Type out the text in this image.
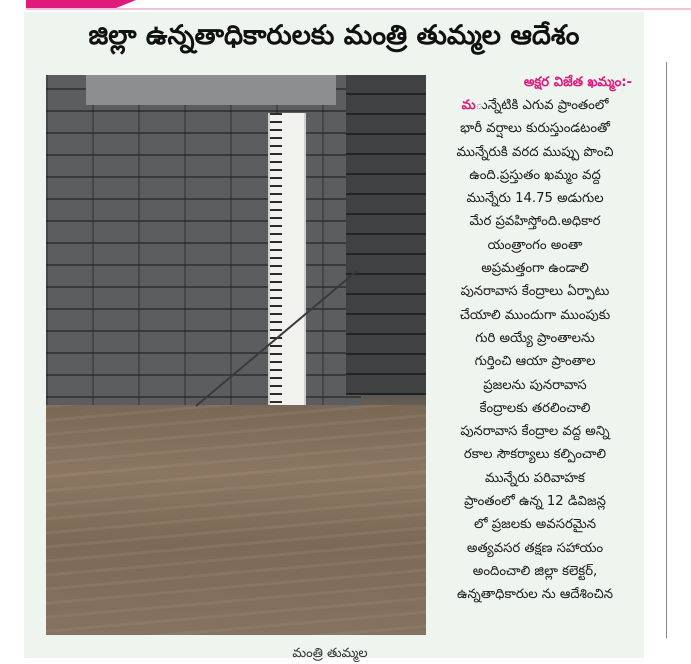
జిల్లా ఉన్నతాధికారులకు మంత్రి తుమ్మల ఆదేశం
అక్షర విజేత ఖమ్మం:-
మున్నేటికి ఎగువ ప్రాంతంలో
భారీ వర్షాలు కురుస్తుండటంతో
మున్నేరుకి వరద ముప్పు పొంచి
ఉంది.ప్రస్తుతం ఖమ్మం వద్ద
మున్నేరు 14.75 అడుగుల
మేర ప్రవహిస్తోంది.అధికార
యంత్రాంగం అంతా
అప్రమత్తంగా ఉండాలి
పునరావాస కేంద్రాలు ఏర్పాటు
చేయాలి ముందుగా ముంపుకు
గురి అయ్యే ప్రాంతాలను
గుర్తించి ఆయా ప్రాంతాల
ప్రజలను పునరావాస
కేంద్రాలకు తరలించాలి
పునరావాస కేంద్రాల వద్ద అన్ని
రకాల సౌకర్యాలు కల్పించాలి
మున్నేరు పరివాహక
ప్రాంతంలో ఉన్న 12 డివిజన్ల
లో ప్రజలకు అవసరమైన
అత్యవసర తక్షణ సహాయం
అందించాలి జిల్లా కలెక్టర్,
ఉన్నతాధికారుల ను ఆదేశించిన
మంత్రి తుమ్మల
